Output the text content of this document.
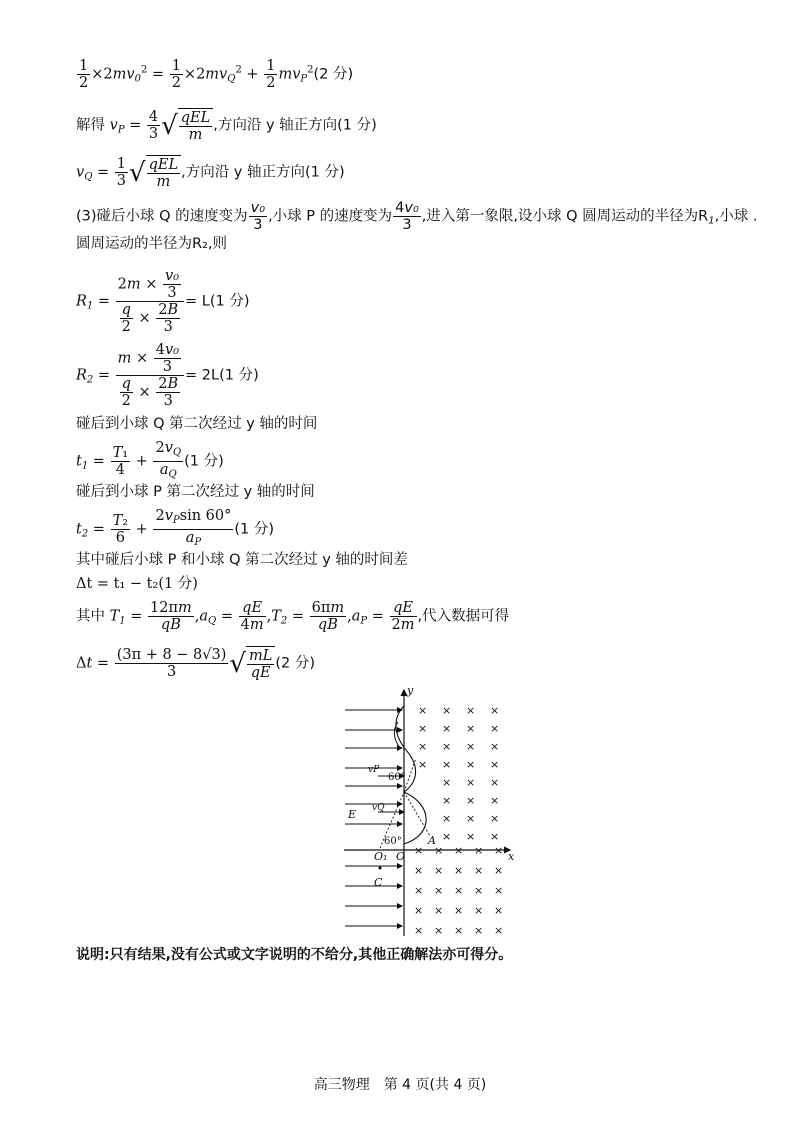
$\frac{1}{2} \times 2mv_0^2 = \frac{1}{2} \times 2mv_Q^2 + \frac{1}{2} mv_P^2(2$ 分)
解得 $v_P = \frac{4}{3}$ √ qEL
m
,方向沿 y 轴正方向(1 分)
$v_Q = \frac{1}{3}$ √ qEL
m
,方向沿 y 轴正方向(1 分)
(3)碰后小球 Q 的速度变为 $\frac{\text{v₀}}{3}$ ,小球 P 的速度变为 $\frac{\text{4v₀}}{3}$ ,进入第一象限,设小球 Q 圆周运动的半径为$R_1$,小球 .
圆周运动的半径为R₂,则
$R_1 = \frac{2m \times \frac{\text{v₀}}{3}}{\frac{q}{2} \times \frac{2B}{3}} = L(1$ 分)
$R_2 = \frac{m \times \frac{\text{4v₀}}{3}}{\frac{q}{2} \times \frac{2B}{3}} = 2L(1$ 分)
碰后到小球 Q 第二次经过 y 轴的时间
$t_1 = \frac{\text{T₁}}{4} + \frac{2v_Q}{a_Q} (1$ 分)
碰后到小球 P 第二次经过 y 轴的时间
$t_2 = \frac{\text{T₂}}{6} + \frac{2v_P\sin 60^\circ}{a_P} (1$ 分)
其中碰后小球 P 和小球 Q 第二次经过 y 轴的时间差
Δt = t₁ − t₂(1 分)
其中 $T_1 = \frac{12\pi m}{qB} ,a_Q = \frac{qE}{4m} ,T_2 = \frac{6\pi m}{qB} ,a_P = \frac{qE}{2m}$ ,代入数据可得
$\Delta t = \frac{(3\pi + 8 - 8√3)}{3}$ √ $\frac{mL}{qE} (2$ 分)
× × × ×
× × × ×
× × × ×
× × × ×
× × ×
× × ×
× × ×
× × ×
× × × × ×
× × × × ×
× × × × ×
× × × × ×
× × × × ×
y
x
O
O₁
A
C
E
vP
vQ
60°
60°
说明:只有结果,没有公式或文字说明的不给分,其他正确解法亦可得分。
高三物理　第 4 页(共 4 页)
